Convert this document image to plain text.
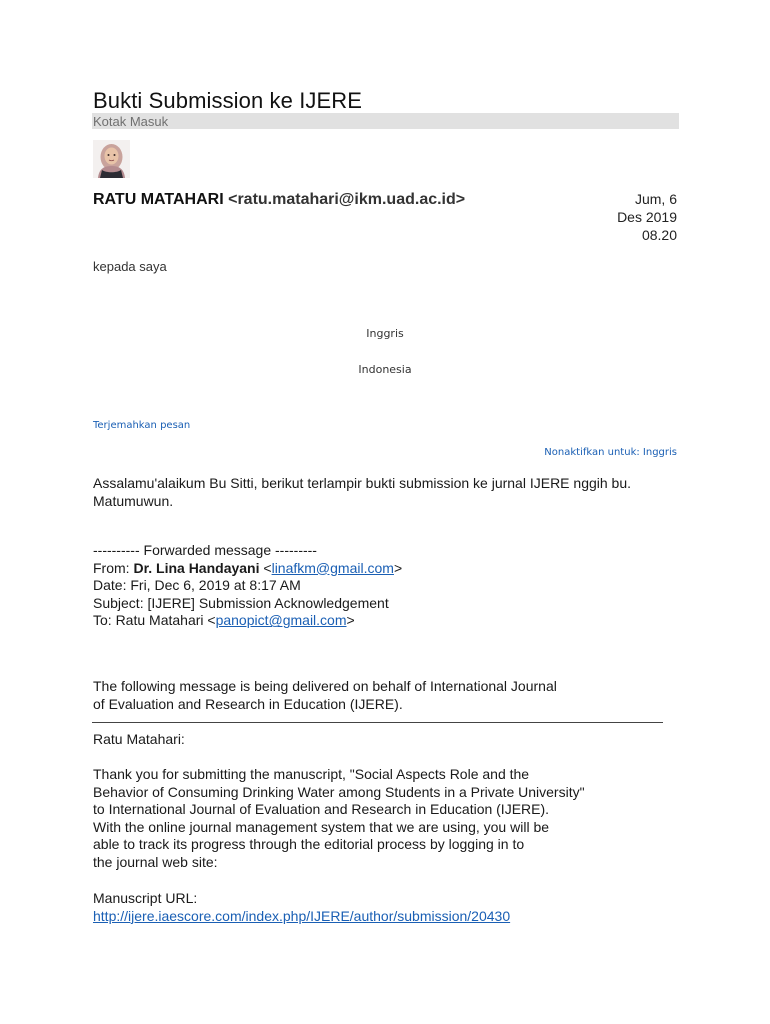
Bukti Submission ke IJERE
Kotak Masuk
RATU MATAHARI <ratu.matahari@ikm.uad.ac.id>	Jum, 6
Des 2019
08.20
kepada saya
Inggris
Indonesia
Terjemahkan pesan
Nonaktifkan untuk: Inggris
Assalamu'alaikum Bu Sitti, berikut terlampir bukti submission ke jurnal IJERE nggih bu.
Matumuwun.
---------- Forwarded message ---------
From: Dr. Lina Handayani <linafkm@gmail.com>
Date: Fri, Dec 6, 2019 at 8:17 AM
Subject: [IJERE] Submission Acknowledgement
To: Ratu Matahari <panopict@gmail.com>
The following message is being delivered on behalf of International Journal
of Evaluation and Research in Education (IJERE).
Ratu Matahari:
Thank you for submitting the manuscript, "Social Aspects Role and the
Behavior of Consuming Drinking Water among Students in a Private University"
to International Journal of Evaluation and Research in Education (IJERE).
With the online journal management system that we are using, you will be
able to track its progress through the editorial process by logging in to
the journal web site:
Manuscript URL:
http://ijere.iaescore.com/index.php/IJERE/author/submission/20430
